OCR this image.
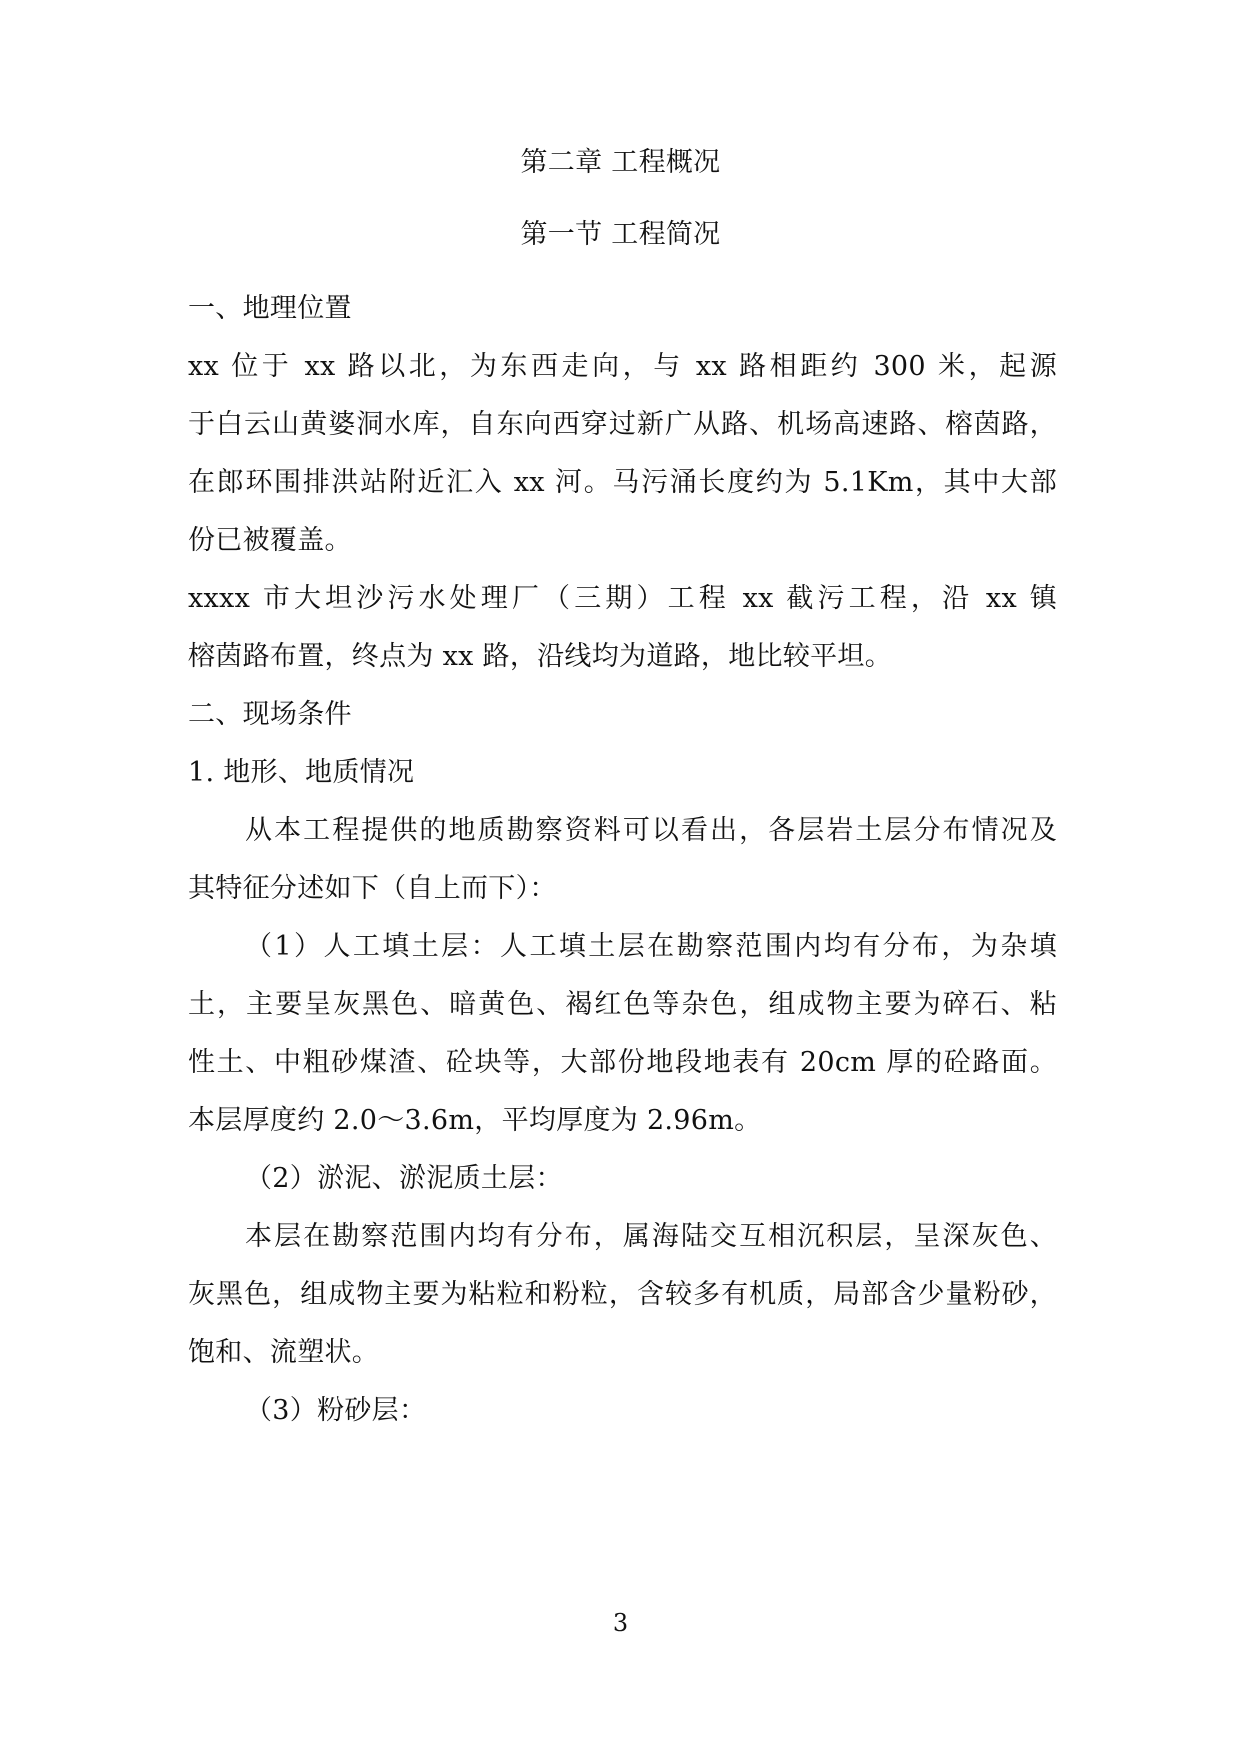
第二章 工程概况
第一节 工程简况
一、地理位置
xx 位于 xx 路以北，为东西走向，与 xx 路相距约 300 米，起源
于白云山黄婆洞水库，自东向西穿过新广从路、机场高速路、榕茵路，
在郎环围排洪站附近汇入 xx 河。马污涌长度约为 5.1Km，其中大部
份已被覆盖。
xxxx 市大坦沙污水处理厂（三期）工程 xx 截污工程，沿 xx 镇
榕茵路布置，终点为 xx 路，沿线均为道路，地比较平坦。
二、现场条件
1. 地形、地质情况
从本工程提供的地质勘察资料可以看出，各层岩土层分布情况及
其特征分述如下（自上而下）：
（1）人工填土层：人工填土层在勘察范围内均有分布，为杂填
土，主要呈灰黑色、暗黄色、褐红色等杂色，组成物主要为碎石、粘
性土、中粗砂煤渣、砼块等，大部份地段地表有 20cm 厚的砼路面。
本层厚度约 2.0～3.6m，平均厚度为 2.96m。
（2）淤泥、淤泥质土层：
本层在勘察范围内均有分布，属海陆交互相沉积层，呈深灰色、
灰黑色，组成物主要为粘粒和粉粒，含较多有机质，局部含少量粉砂，
饱和、流塑状。
（3）粉砂层：
3
